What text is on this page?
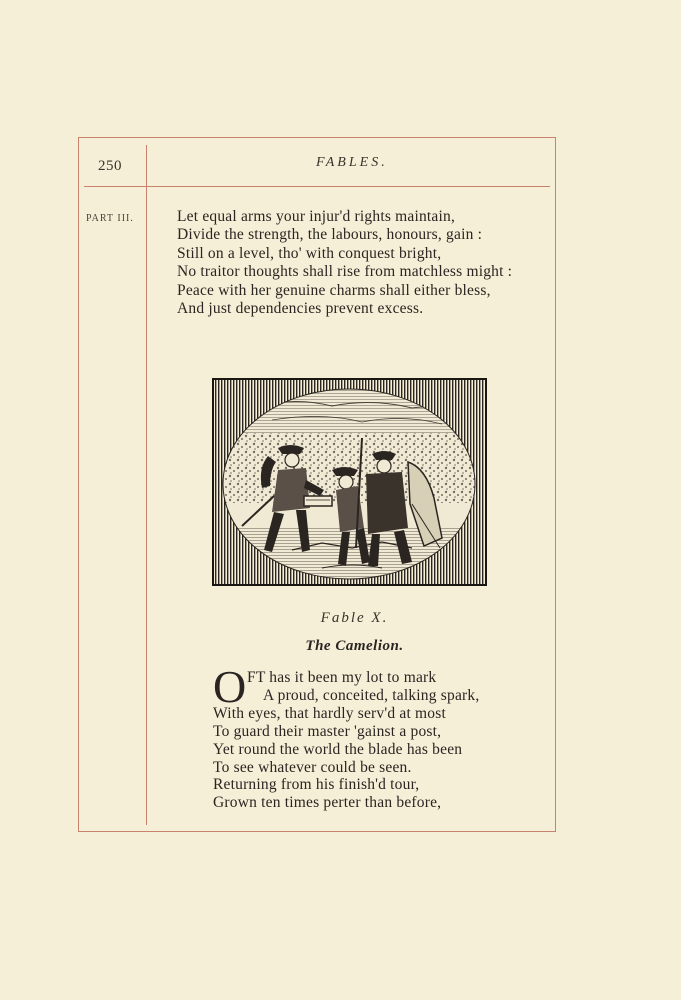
250	FABLES.
PART III.	Let equal arms your injur'd rights maintain,
Divide the strength, the labours, honours, gain :
Still on a level, tho' with conquest bright,
No traitor thoughts shall rise from matchless might :
Peace with her genuine charms shall either bless,
And just dependencies prevent excess.
Fable X.
The Camelion.
O FT has it been my lot to mark
A proud, conceited, talking spark,
With eyes, that hardly serv'd at most
To guard their master 'gainst a post,
Yet round the world the blade has been
To see whatever could be seen.
Returning from his finish'd tour,
Grown ten times perter than before,
